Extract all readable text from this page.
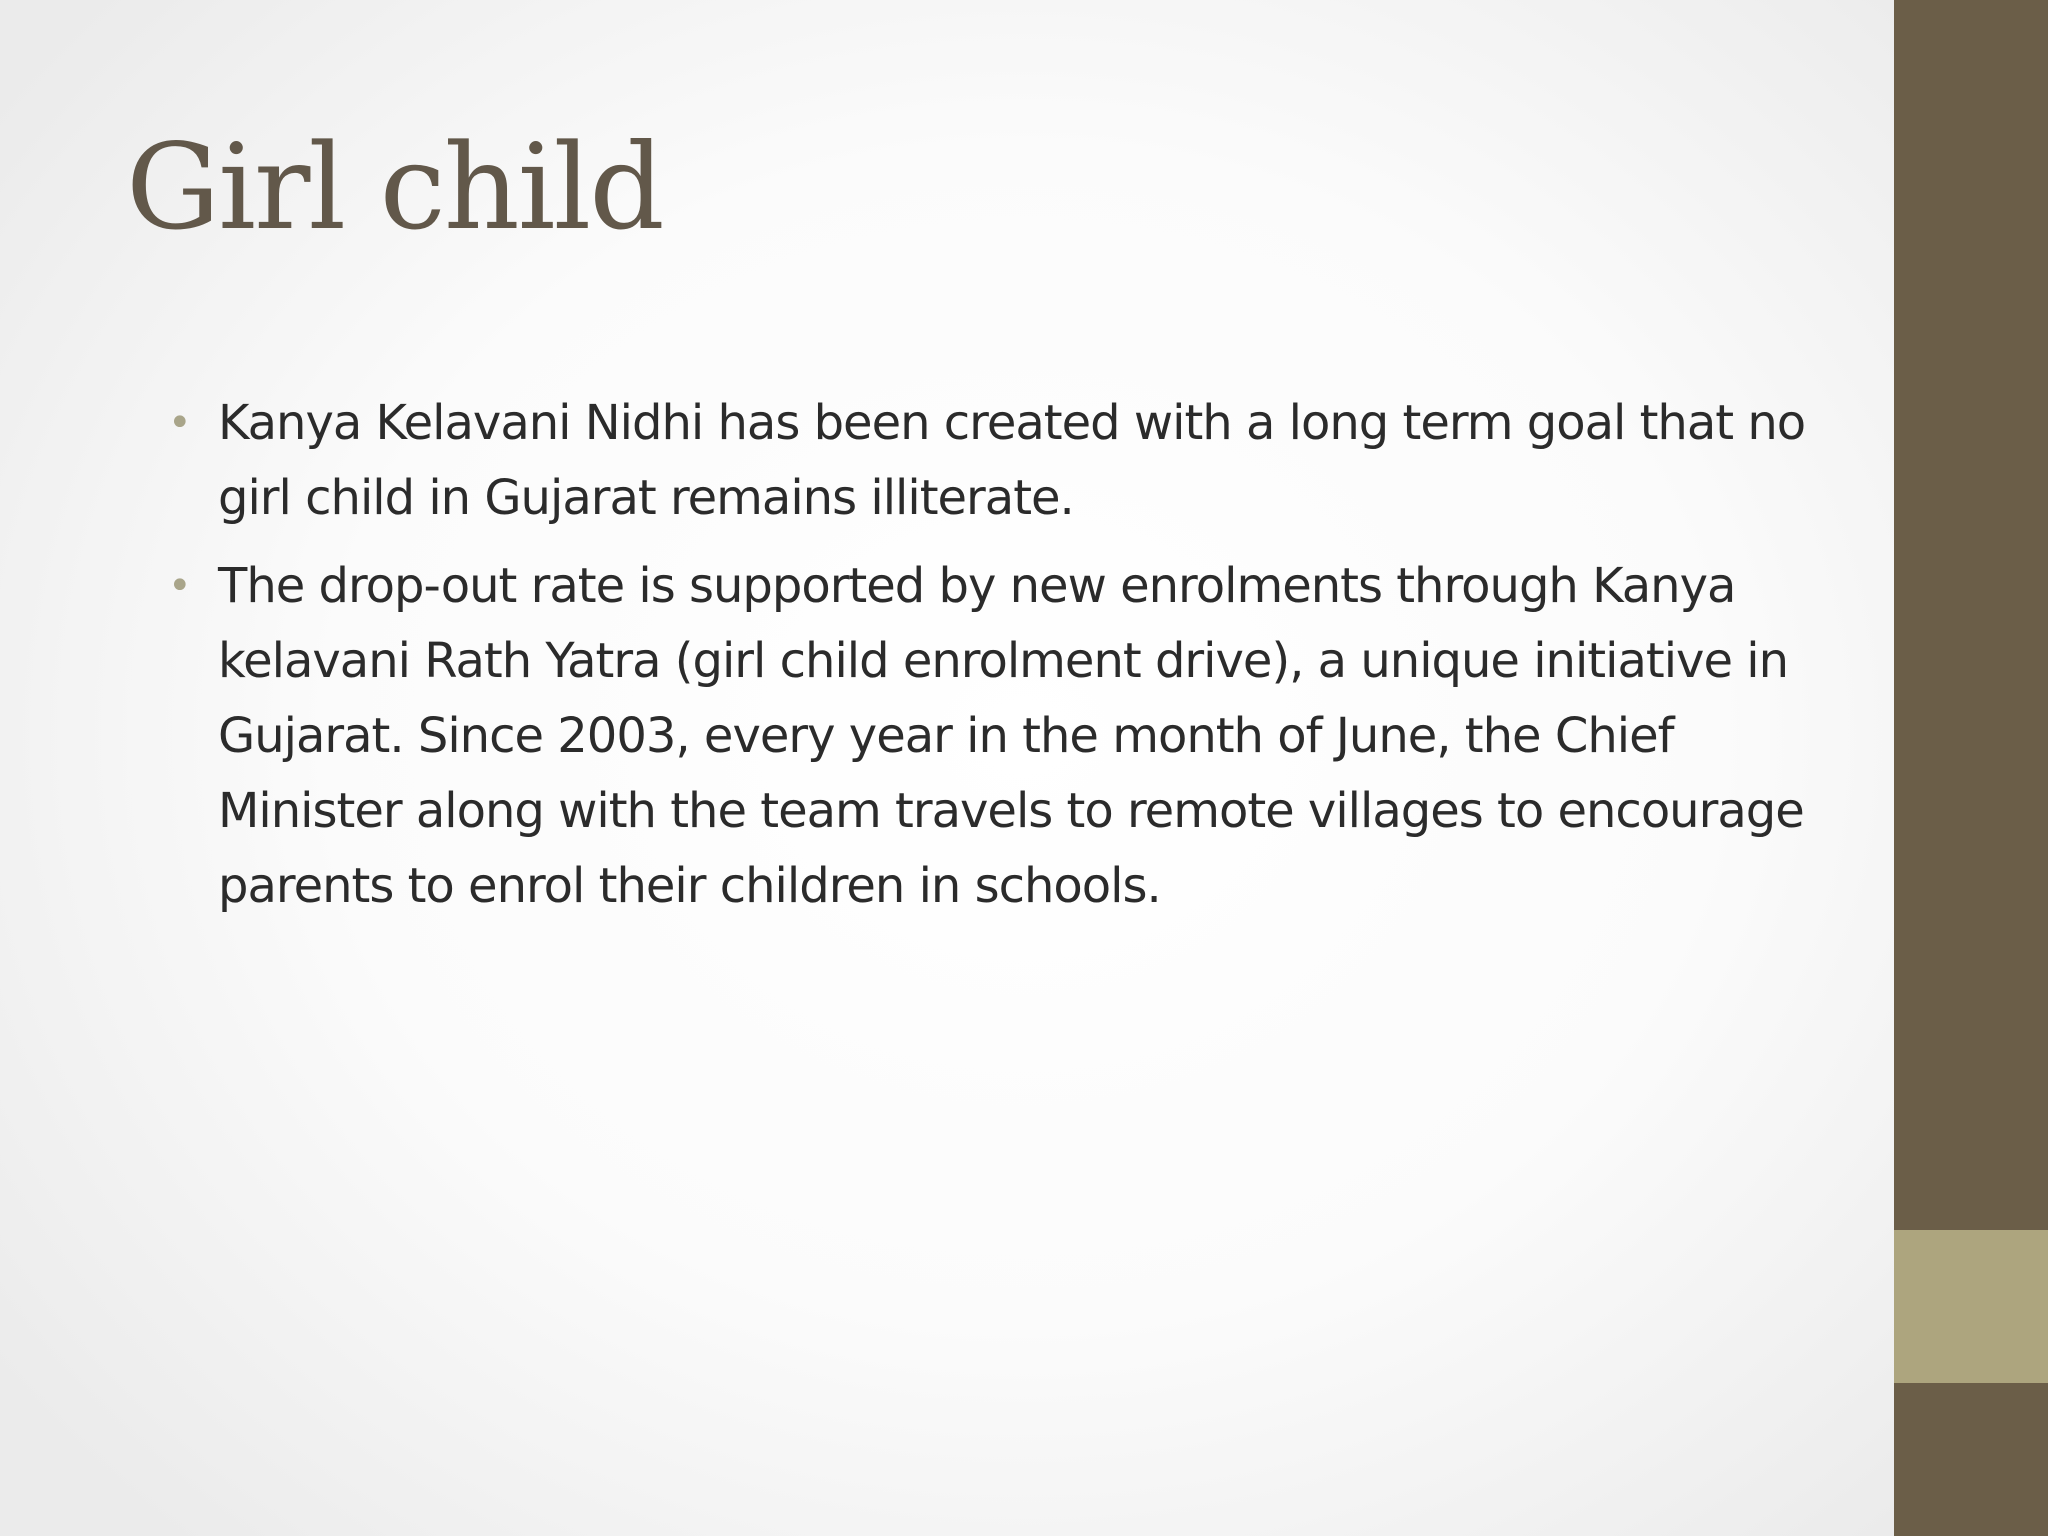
Girl child
• Kanya Kelavani Nidhi has been created with a long term goal that no girl child in Gujarat remains illiterate.
• The drop-out rate is supported by new enrolments through Kanya kelavani Rath Yatra (girl child enrolment drive), a unique initiative in Gujarat. Since 2003, every year in the month of June, the Chief Minister along with the team travels to remote villages to encourage parents to enrol their children in schools.
